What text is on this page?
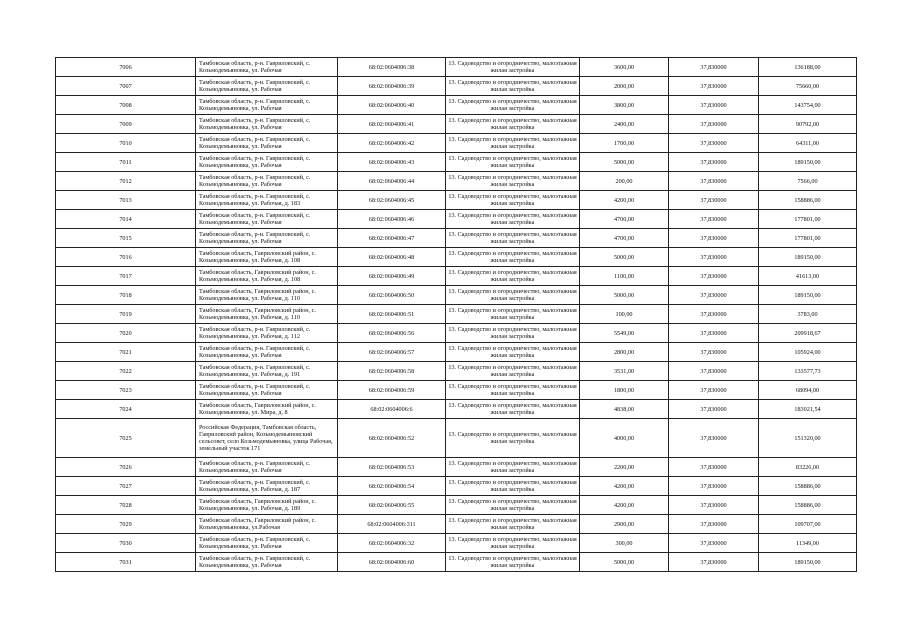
7006	Тамбовская область, р-н. Гавриловский, с. Козьмодемьяновка, ул. Рабочая	68:02:0604006:38	13. Садоводство и огородничество, малоэтажная жилая застройка	3600,00	37,830000	136188,00
7007	Тамбовская область, р-н. Гавриловский, с. Козьмодемьяновка, ул. Рабочая	68:02:0604006:39	13. Садоводство и огородничество, малоэтажная жилая застройка	2000,00	37,830000	75660,00
7008	Тамбовская область, р-н. Гавриловский, с. Козьмодемьяновка, ул. Рабочая	68:02:0604006:40	13. Садоводство и огородничество, малоэтажная жилая застройка	3800,00	37,830000	143754,00
7009	Тамбовская область, р-н. Гавриловский, с. Козьмодемьяновка, ул. Рабочая	68:02:0604006:41	13. Садоводство и огородничество, малоэтажная жилая застройка	2400,00	37,830000	90792,00
7010	Тамбовская область, р-н. Гавриловский, с. Козьмодемьяновка, ул. Рабочая	68:02:0604006:42	13. Садоводство и огородничество, малоэтажная жилая застройка	1700,00	37,830000	64311,00
7011	Тамбовская область, р-н. Гавриловский, с. Козьмодемьяновка, ул. Рабочая	68:02:0604006:43	13. Садоводство и огородничество, малоэтажная жилая застройка	5000,00	37,830000	189150,00
7012	Тамбовская область, р-н. Гавриловский, с. Козьмодемьяновка, ул. Рабочая	68:02:0604006:44	13. Садоводство и огородничество, малоэтажная жилая застройка	200,00	37,830000	7566,00
7013	Тамбовская область, р-н. Гавриловский, с. Козьмодемьяновка, ул. Рабочая, д. 183	68:02:0604006:45	13. Садоводство и огородничество, малоэтажная жилая застройка	4200,00	37,830000	158886,00
7014	Тамбовская область, р-н. Гавриловский, с. Козьмодемьяновка, ул. Рабочая	68:02:0604006:46	13. Садоводство и огородничество, малоэтажная жилая застройка	4700,00	37,830000	177801,00
7015	Тамбовская область, р-н. Гавриловский, с. Козьмодемьяновка, ул. Рабочая	68:02:0604006:47	13. Садоводство и огородничество, малоэтажная жилая застройка	4700,00	37,830000	177801,00
7016	Тамбовская область, Гавриловский район, с. Козьмодемьяновка, ул. Рабочая, д. 108	68:02:0604006:48	13. Садоводство и огородничество, малоэтажная жилая застройка	5000,00	37,830000	189150,00
7017	Тамбовская область, Гавриловский район, с. Козьмодемьяновка, ул. Рабочая, д. 108	68:02:0604006:49	13. Садоводство и огородничество, малоэтажная жилая застройка	1100,00	37,830000	41613,00
7018	Тамбовская область, Гавриловский район, с. Козьмодемьяновка, ул. Рабочая, д. 110	68:02:0604006:50	13. Садоводство и огородничество, малоэтажная жилая застройка	5000,00	37,830000	189150,00
7019	Тамбовская область, Гавриловский район, с. Козьмодемьяновка, ул. Рабочая, д. 110	68:02:0604006:51	13. Садоводство и огородничество, малоэтажная жилая застройка	100,00	37,830000	3783,00
7020	Тамбовская область, р-н. Гавриловский, с. Козьмодемьяновка, ул. Рабочая, д. 112	68:02:0604006:56	13. Садоводство и огородничество, малоэтажная жилая застройка	5549,00	37,830000	209918,67
7021	Тамбовская область, р-н. Гавриловский, с. Козьмодемьяновка, ул. Рабочая	68:02:0604006:57	13. Садоводство и огородничество, малоэтажная жилая застройка	2800,00	37,830000	105924,00
7022	Тамбовская область, р-н. Гавриловский, с. Козьмодемьяновка, ул. Рабочая, д. 191	68:02:0604006:58	13. Садоводство и огородничество, малоэтажная жилая застройка	3531,00	37,830000	133577,73
7023	Тамбовская область, р-н. Гавриловский, с. Козьмодемьяновка, ул. Рабочая	68:02:0604006:59	13. Садоводство и огородничество, малоэтажная жилая застройка	1800,00	37,830000	68094,00
7024	Тамбовская область, Гавриловский район, с. Козьмодемьяновка, ул. Мира, д. 8	68:02:0604006:6	13. Садоводство и огородничество, малоэтажная жилая застройка	4838,00	37,830000	183021,54
7025	Российская Федерация, Тамбовская область, Гавриловский район, Козьмодемьяновский сельсовет, село Козьмодемьяновка, улица Рабочая, земельный участок 171	68:02:0604006:52	13. Садоводство и огородничество, малоэтажная жилая застройка	4000,00	37,830000	151320,00
7026	Тамбовская область, р-н. Гавриловский, с. Козьмодемьяновка, ул. Рабочая	68:02:0604006:53	13. Садоводство и огородничество, малоэтажная жилая застройка	2200,00	37,830000	83226,00
7027	Тамбовская область, р-н. Гавриловский, с. Козьмодемьяновка, ул. Рабочая, д. 187	68:02:0604006:54	13. Садоводство и огородничество, малоэтажная жилая застройка	4200,00	37,830000	158886,00
7028	Тамбовская область, Гавриловский район, с. Козьмодемьяновка, ул. Рабочая, д. 189	68:02:0604006:55	13. Садоводство и огородничество, малоэтажная жилая застройка	4200,00	37,830000	158886,00
7029	Тамбовская область, Гавриловский район, с. Козьмодемьяновка, ул.Рабочая	68:02:0604006:311	13. Садоводство и огородничество, малоэтажная жилая застройка	2900,00	37,830000	109707,00
7030	Тамбовская область, р-н. Гавриловский, с. Козьмодемьяновка, ул. Рабочая	68:02:0604006:32	13. Садоводство и огородничество, малоэтажная жилая застройка	300,00	37,830000	11349,00
7031	Тамбовская область, р-н. Гавриловский, с. Козьмодемьяновка, ул. Рабочая	68:02:0604006:60	13. Садоводство и огородничество, малоэтажная жилая застройка	5000,00	37,830000	189150,00
